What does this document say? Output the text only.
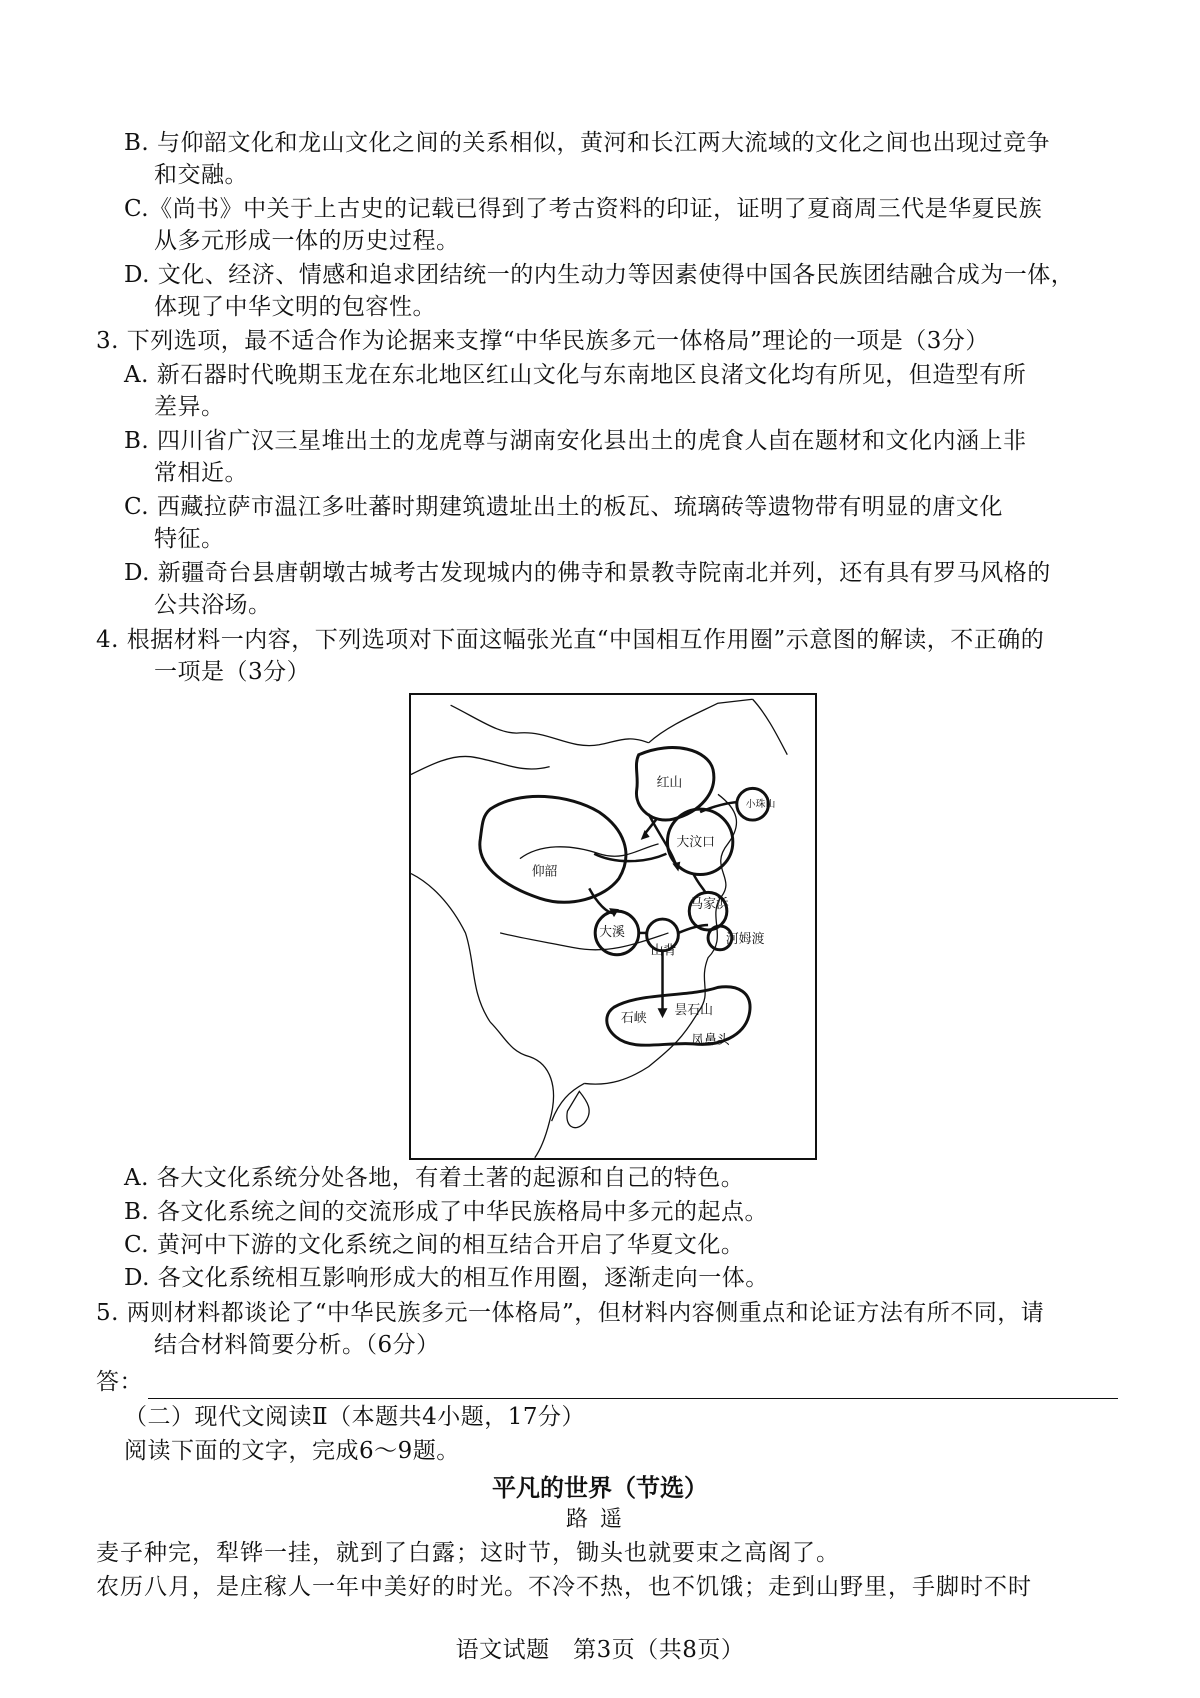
B. 与仰韶文化和龙山文化之间的关系相似，黄河和长江两大流域的文化之间也出现过竞争
和交融。
C.《尚书》中关于上古史的记载已得到了考古资料的印证，证明了夏商周三代是华夏民族
从多元形成一体的历史过程。
D. 文化、经济、情感和追求团结统一的内生动力等因素使得中国各民族团结融合成为一体，
体现了中华文明的包容性。
3. 下列选项，最不适合作为论据来支撑“中华民族多元一体格局”理论的一项是（3分）
A. 新石器时代晚期玉龙在东北地区红山文化与东南地区良渚文化均有所见，但造型有所
差异。
B. 四川省广汉三星堆出土的龙虎尊与湖南安化县出土的虎食人卣在题材和文化内涵上非
常相近。
C. 西藏拉萨市温江多吐蕃时期建筑遗址出土的板瓦、琉璃砖等遗物带有明显的唐文化
特征。
D. 新疆奇台县唐朝墩古城考古发现城内的佛寺和景教寺院南北并列，还有具有罗马风格的
公共浴场。
4. 根据材料一内容，下列选项对下面这幅张光直“中国相互作用圈”示意图的解读，不正确的
一项是（3分）
A. 各大文化系统分处各地，有着土著的起源和自己的特色。
B. 各文化系统之间的交流形成了中华民族格局中多元的起点。
C. 黄河中下游的文化系统之间的相互结合开启了华夏文化。
D. 各文化系统相互影响形成大的相互作用圈，逐渐走向一体。
5. 两则材料都谈论了“中华民族多元一体格局”，但材料内容侧重点和论证方法有所不同，请
结合材料简要分析。（6分）
答：
（二）现代文阅读Ⅱ（本题共4小题，17分）
阅读下面的文字，完成6～9题。
麦子种完，犁铧一挂，就到了白露；这时节，锄头也就要束之高阁了。
农历八月，是庄稼人一年中美好的时光。不冷不热，也不饥饿；走到山野里，手脚时不时
平凡的世界（节选）
路遥
红山
小珠山
仰韶
大汶口
马家浜
大溪
山背
河姆渡
石峡
昙石山
凤鼻头
语文试题　第3页（共8页）
